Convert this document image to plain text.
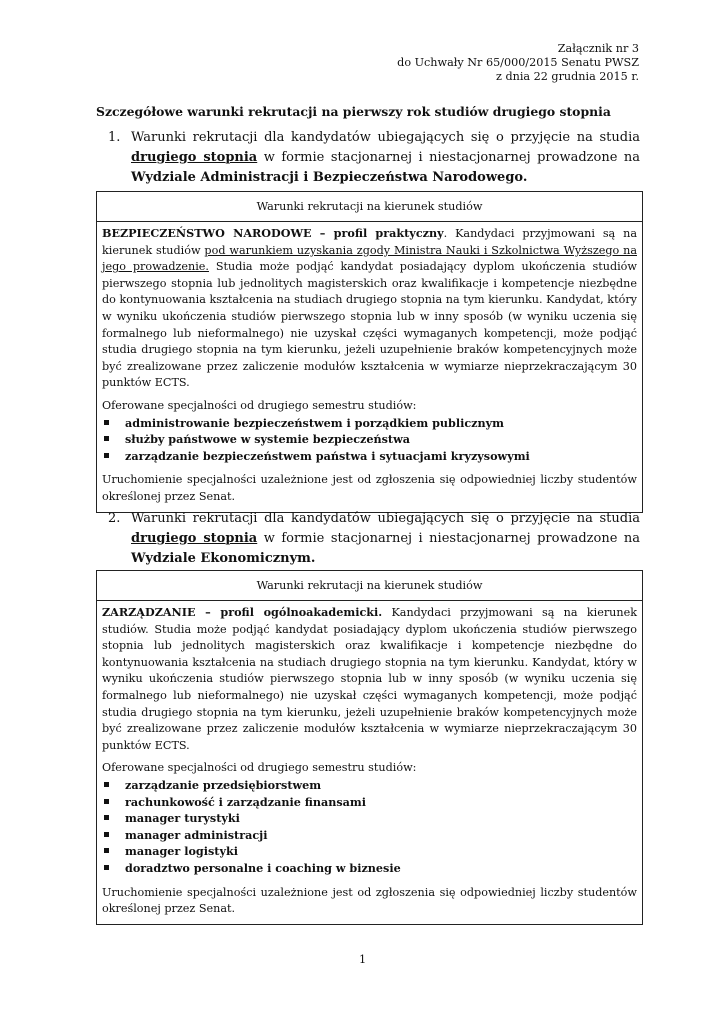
Załącznik nr 3
do Uchwały Nr 65/000/2015 Senatu PWSZ
z dnia 22 grudnia 2015 r.
Szczegółowe warunki rekrutacji na pierwszy rok studiów drugiego stopnia
1. Warunki rekrutacji dla kandydatów ubiegających się o przyjęcie na studia drugiego stopnia w formie stacjonarnej i niestacjonarnej prowadzone na Wydziale Administracji i Bezpieczeństwa Narodowego.
Warunki rekrutacji na kierunek studiów

BEZPIECZEŃSTWO NARODOWE – profil praktyczny. Kandydaci przyjmowani są na kierunek studiów pod warunkiem uzyskania zgody Ministra Nauki i Szkolnictwa Wyższego na jego prowadzenie. Studia może podjąć kandydat posiadający dyplom ukończenia studiów pierwszego stopnia lub jednolitych magisterskich oraz kwalifikacje i kompetencje niezbędne do kontynuowania kształcenia na studiach drugiego stopnia na tym kierunku. Kandydat, który w wyniku ukończenia studiów pierwszego stopnia lub w inny sposób (w wyniku uczenia się formalnego lub nieformalnego) nie uzyskał części wymaganych kompetencji, może podjąć studia drugiego stopnia na tym kierunku, jeżeli uzupełnienie braków kompetencyjnych może być zrealizowane przez zaliczenie modułów kształcenia w wymiarze nieprzekraczającym 30 punktów ECTS.

Oferowane specjalności od drugiego semestru studiów:

administrowanie bezpieczeństwem i porządkiem publicznym
służby państwowe w systemie bezpieczeństwa
zarządzanie bezpieczeństwem państwa i sytuacjami kryzysowymi

Uruchomienie specjalności uzależnione jest od zgłoszenia się odpowiedniej liczby studentów określonej przez Senat.

2. Warunki rekrutacji dla kandydatów ubiegających się o przyjęcie na studia drugiego stopnia w formie stacjonarnej i niestacjonarnej prowadzone na Wydziale Ekonomicznym.
Warunki rekrutacji na kierunek studiów

ZARZĄDZANIE – profil ogólnoakademicki. Kandydaci przyjmowani są na kierunek studiów. Studia może podjąć kandydat posiadający dyplom ukończenia studiów pierwszego stopnia lub jednolitych magisterskich oraz kwalifikacje i kompetencje niezbędne do kontynuowania kształcenia na studiach drugiego stopnia na tym kierunku. Kandydat, który w wyniku ukończenia studiów pierwszego stopnia lub w inny sposób (w wyniku uczenia się formalnego lub nieformalnego) nie uzyskał części wymaganych kompetencji, może podjąć studia drugiego stopnia na tym kierunku, jeżeli uzupełnienie braków kompetencyjnych może być zrealizowane przez zaliczenie modułów kształcenia w wymiarze nieprzekraczającym 30 punktów ECTS.

Oferowane specjalności od drugiego semestru studiów:

zarządzanie przedsiębiorstwem
rachunkowość i zarządzanie finansami
manager turystyki
manager administracji
manager logistyki
doradztwo personalne i coaching w biznesie

Uruchomienie specjalności uzależnione jest od zgłoszenia się odpowiedniej liczby studentów określonej przez Senat.

1
